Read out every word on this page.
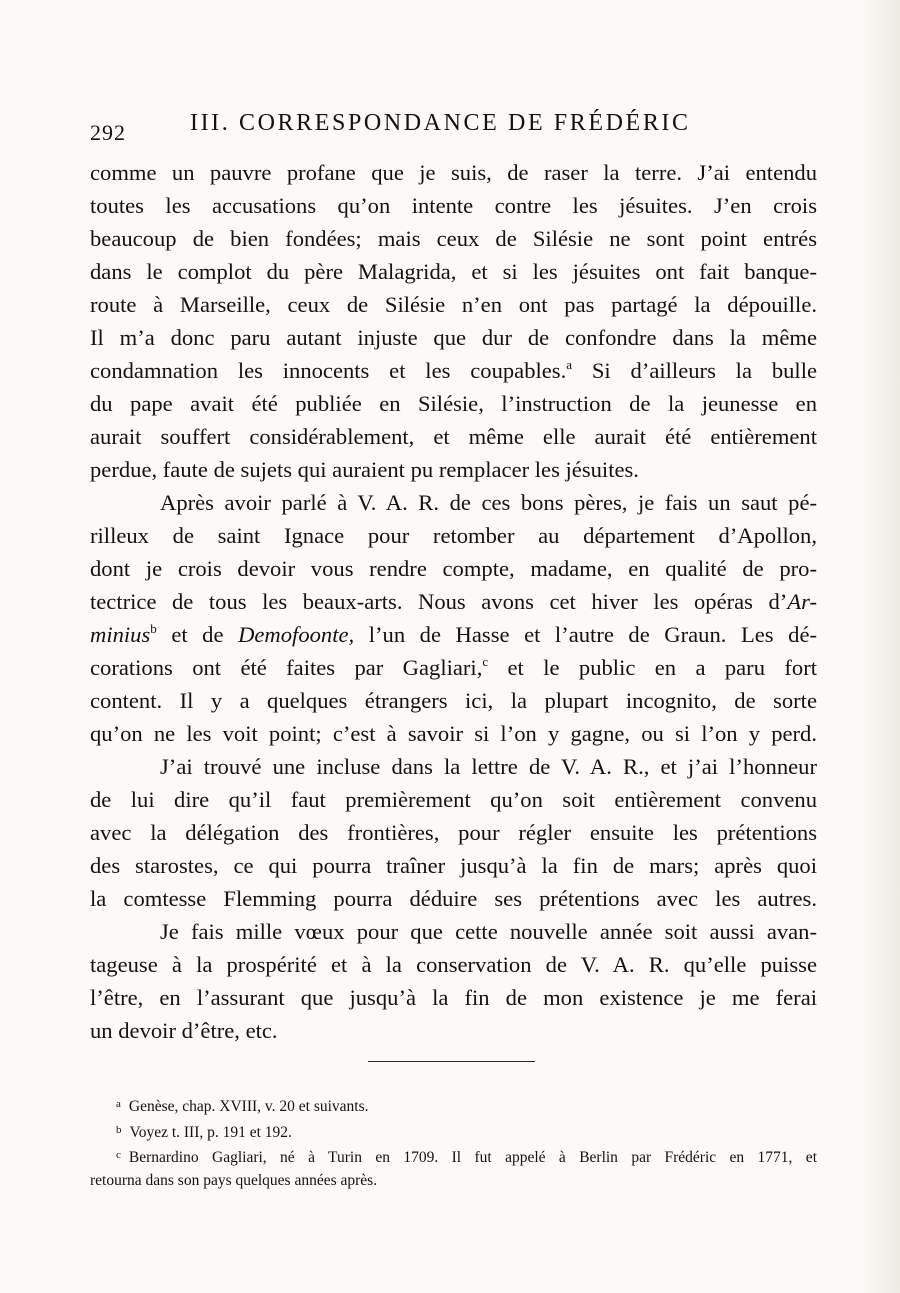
292	III. CORRESPONDANCE DE FRÉDÉRIC
comme un pauvre profane que je suis, de raser la terre. J’ai entendu
toutes les accusations qu’on intente contre les jésuites. J’en crois
beaucoup de bien fondées; mais ceux de Silésie ne sont point entrés
dans le complot du père Malagrida, et si les jésuites ont fait banque-
route à Marseille, ceux de Silésie n’en ont pas partagé la dépouille.
Il m’a donc paru autant injuste que dur de confondre dans la même
condamnation les innocents et les coupables.$^a$ Si d’ailleurs la bulle
du pape avait été publiée en Silésie, l’instruction de la jeunesse en
aurait souffert considérablement, et même elle aurait été entièrement
perdue, faute de sujets qui auraient pu remplacer les jésuites.
Après avoir parlé à V. A. R. de ces bons pères, je fais un saut pé-
rilleux de saint Ignace pour retomber au département d’Apollon,
dont je crois devoir vous rendre compte, madame, en qualité de pro-
tectrice de tous les beaux-arts. Nous avons cet hiver les opéras d’Ar-
minius$^b$ et de Demofoonte, l’un de Hasse et l’autre de Graun. Les dé-
corations ont été faites par Gagliari,$^c$ et le public en a paru fort
content. Il y a quelques étrangers ici, la plupart incognito, de sorte
qu’on ne les voit point; c’est à savoir si l’on y gagne, ou si l’on y perd.
J’ai trouvé une incluse dans la lettre de V. A. R., et j’ai l’honneur
de lui dire qu’il faut premièrement qu’on soit entièrement convenu
avec la délégation des frontières, pour régler ensuite les prétentions
des starostes, ce qui pourra traîner jusqu’à la fin de mars; après quoi
la comtesse Flemming pourra déduire ses prétentions avec les autres.
Je fais mille vœux pour que cette nouvelle année soit aussi avan-
tageuse à la prospérité et à la conservation de V. A. R. qu’elle puisse
l’être, en l’assurant que jusqu’à la fin de mon existence je me ferai
un devoir d’être, etc.
a Genèse, chap. XVIII, v. 20 et suivants.
b Voyez t. III, p. 191 et 192.
c Bernardino Gagliari, né à Turin en 1709. Il fut appelé à Berlin par Frédéric en 1771, et
retourna dans son pays quelques années après.
